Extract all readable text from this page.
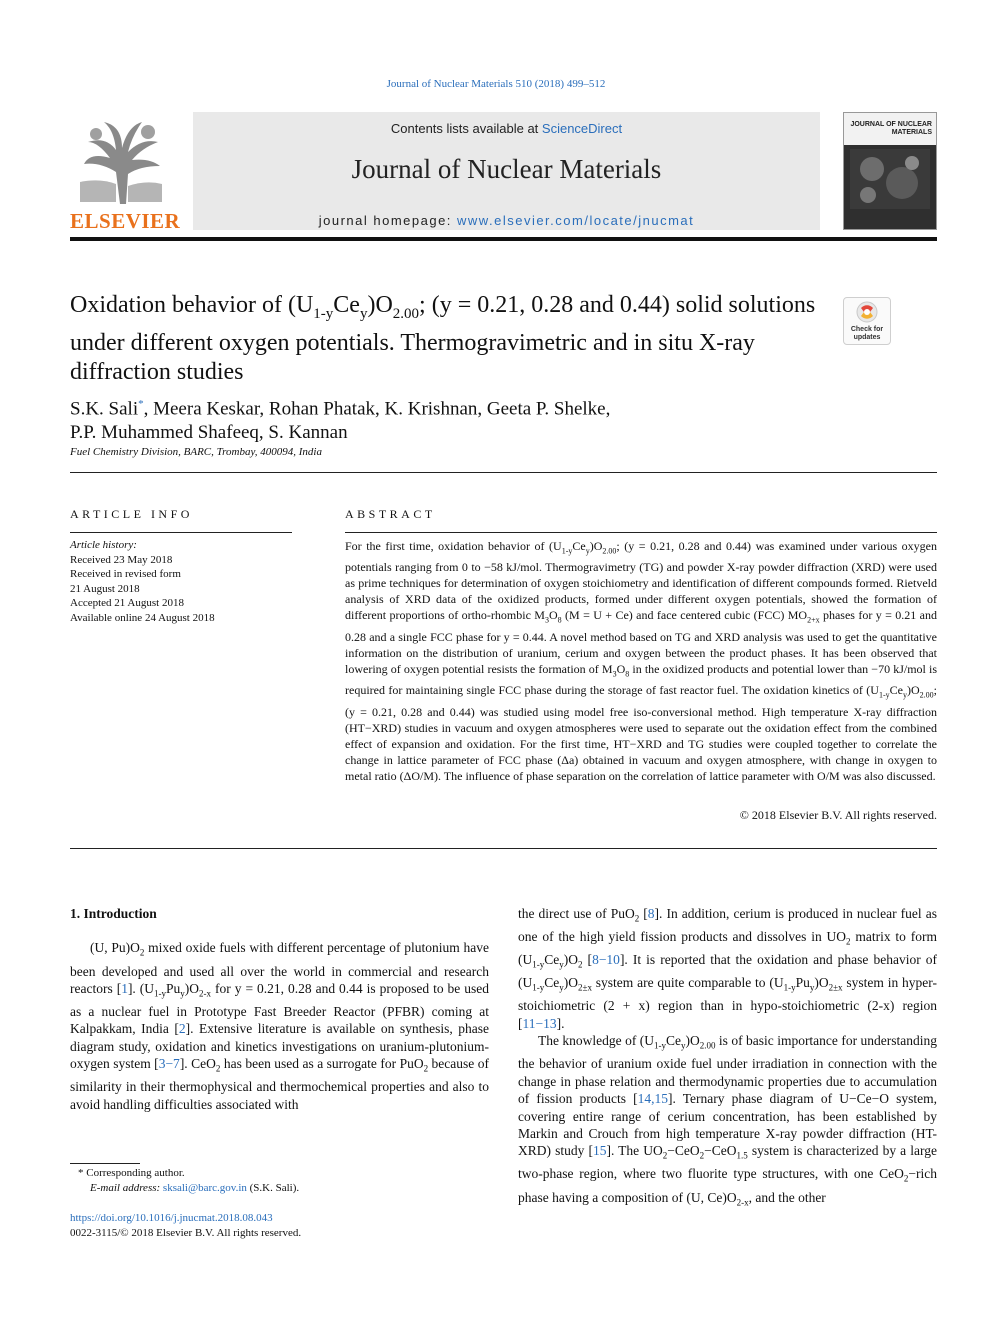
Journal of Nuclear Materials 510 (2018) 499–512
ELSEVIER
Contents lists available at ScienceDirect
Journal of Nuclear Materials
journal homepage: www.elsevier.com/locate/jnucmat
JOURNAL OF NUCLEAR MATERIALS
Oxidation behavior of $(U_{1-y}Ce_y)O_{2.00}$; (y = 0.21, 0.28 and 0.44) solid solutions under different oxygen potentials. Thermogravimetric and in situ X-ray diffraction studies
Check for updates
S.K. Sali*, Meera Keskar, Rohan Phatak, K. Krishnan, Geeta P. Shelke,
P.P. Muhammed Shafeeq, S. Kannan
Fuel Chemistry Division, BARC, Trombay, 400094, India
ARTICLE INFO
Article history:
Received 23 May 2018
Received in revised form
21 August 2018
Accepted 21 August 2018
Available online 24 August 2018
ABSTRACT
For the first time, oxidation behavior of $(U_{1-y}Ce_y)O_{2.00}$; (y = 0.21, 0.28 and 0.44) was examined under various oxygen potentials ranging from 0 to −58 kJ/mol. Thermogravimetry (TG) and powder X-ray powder diffraction (XRD) were used as prime techniques for determination of oxygen stoichiometry and identification of different compounds formed. Rietveld analysis of XRD data of the oxidized products, formed under different oxygen potentials, showed the formation of different proportions of ortho-rhombic $M_3O_8$ (M = U + Ce) and face centered cubic (FCC) $MO_{2+x}$ phases for y = 0.21 and 0.28 and a single FCC phase for y = 0.44. A novel method based on TG and XRD analysis was used to get the quantitative information on the distribution of uranium, cerium and oxygen between the product phases. It has been observed that lowering of oxygen potential resists the formation of $M_3O_8$ in the oxidized products and potential lower than −70 kJ/mol is required for maintaining single FCC phase during the storage of fast reactor fuel. The oxidation kinetics of $(U_{1-y}Ce_y)O_{2.00}$; (y = 0.21, 0.28 and 0.44) was studied using model free iso-conversional method. High temperature X-ray diffraction (HT−XRD) studies in vacuum and oxygen atmospheres were used to separate out the oxidation effect from the combined effect of expansion and oxidation. For the first time, HT−XRD and TG studies were coupled together to correlate the change in lattice parameter of FCC phase (Δa) obtained in vacuum and oxygen atmosphere, with change in oxygen to metal ratio (ΔO/M). The influence of phase separation on the correlation of lattice parameter with O/M was also discussed.
© 2018 Elsevier B.V. All rights reserved.

1. Introduction

(U, $Pu)O_2$ mixed oxide fuels with different percentage of plutonium have been developed and used all over the world in commercial and research reactors [1]. $(U_{1-y}Pu_y)O_{2-x}$ for y = 0.21, 0.28 and 0.44 is proposed to be used as a nuclear fuel in Prototype Fast Breeder Reactor (PFBR) coming at Kalpakkam, India [2]. Extensive literature is available on synthesis, phase diagram study, oxidation and kinetics investigations on uranium-plutonium-oxygen system [3−7]. CeO$_2$ has been used as a surrogate for PuO$_2$ because of similarity in their thermophysical and thermochemical properties and also to avoid handling difficulties associated with

the direct use of PuO$_2$ [8]. In addition, cerium is produced in nuclear fuel as one of the high yield fission products and dissolves in $UO_2$ matrix to form $(U_{1-y}Ce_y)O_2$ [8−10]. It is reported that the oxidation and phase behavior of $(U_{1-y}Ce_y)O_{2\pm x}$ system are quite comparable to $(U_{1-y}Pu_y)O_{2\pm x}$ system in hyper-stoichiometric (2 + x) region than in hypo-stoichiometric (2-x) region [11−13].

The knowledge of $(U_{1-y}Ce_y)O_{2.00}$ is of basic importance for understanding the behavior of uranium oxide fuel under irradiation in connection with the change in phase relation and thermodynamic properties due to accumulation of fission products [14,15]. Ternary phase diagram of U−Ce−O system, covering entire range of cerium concentration, has been established by Markin and Crouch from high temperature X-ray powder diffraction (HT-XRD) study [15]. The $UO_2-CeO_2-CeO_{1.5}$ system is characterized by a large two-phase region, where two fluorite type structures, with one CeO$_2$−rich phase having a composition of (U, $Ce)O_{2-x}$, and the other

* Corresponding author.
E-mail address: sksali@barc.gov.in (S.K. Sali).
https://doi.org/10.1016/j.jnucmat.2018.08.043
0022-3115/© 2018 Elsevier B.V. All rights reserved.
